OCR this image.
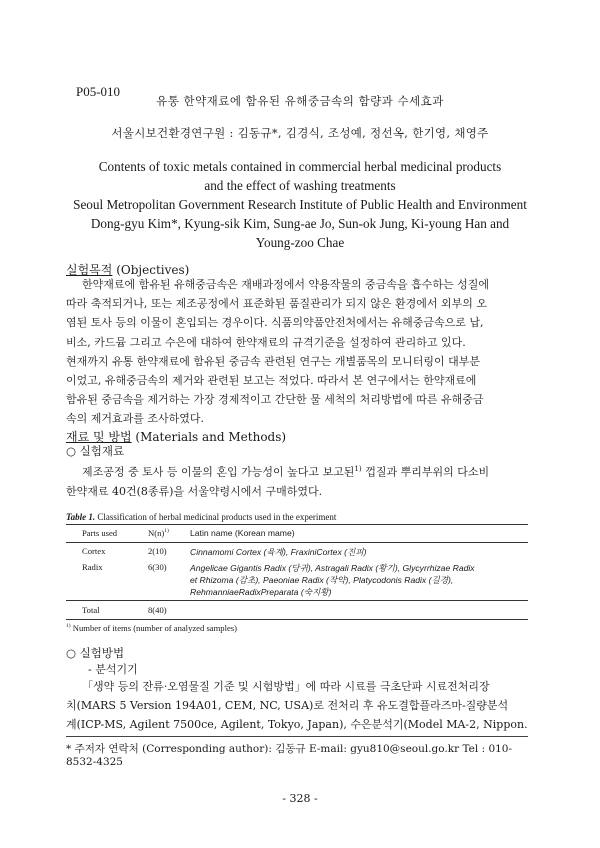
P05-010
유통 한약재료에 함유된 유해중금속의 함량과 수세효과
서울시보건환경연구원 : 김동규*, 김경식, 조성예, 정선옥, 한기영, 채영주
Contents of toxic metals contained in commercial herbal medicinal products
and the effect of washing treatments
Seoul Metropolitan Government Research Institute of Public Health and Environment
Dong-gyu Kim*, Kyung-sik Kim, Sung-ae Jo, Sun-ok Jung, Ki-young Han and
Young-zoo Chae
실험목적 (Objectives)

한약재료에 함유된 유해중금속은 재배과정에서 약용작물의 중금속을 흡수하는 성질에

따라 축적되거나, 또는 제조공정에서 표준화된 품질관리가 되지 않은 환경에서 외부의 오
염된 토사 등의 이물이 혼입되는 경우이다. 식품의약품안전처에서는 유해중금속으로 납,
비소, 카드뮴 그리고 수은에 대하여 한약재료의 규격기준을 설정하여 관리하고 있다.
현재까지 유통 한약재료에 함유된 중금속 관련된 연구는 개별품목의 모니터링이 대부분
이었고, 유해중금속의 제거와 관련된 보고는 적었다. 따라서 본 연구에서는 한약재료에
함유된 중금속을 제거하는 가장 경제적이고 간단한 물 세척의 처리방법에 따른 유해중금
속의 제거효과를 조사하였다.
재료 및 방법 (Materials and Methods)
○ 실험재료

제조공정 중 토사 등 이물의 혼입 가능성이 높다고 보고된$^{1)}$ 껍질과 뿌리부위의 다소비

한약재료 40건(8종류)을 서울약령시에서 구매하였다.
Table 1. Classification of herbal medicinal products used in the experiment
Parts used	$N(n)^{1)}$ Latin name (Korean mame)
Cortex	2(10)	Cinnamomi Cortex (육계), FraxiniCortex (진피)
Radix	6(30)	Angelicae Gigantis Radix (당귀), Astragali Radix (황기), Glycyrrhizae Radix
et Rhizoma (감초), Paeoniae Radix (작약), Platycodonis Radix (길경),
RehmanniaeRadixPreparata (숙지황)
Total	8(40)
$^{1)}$ Number of items (number of analyzed samples)
○ 실험방법
- 분석기기

「생약 등의 잔류·오염물질 기준 및 시험방법」에 따라 시료를 극초단파 시료전처리장

치(MARS 5 Version 194A01, CEM, NC, USA)로 전처리 후 유도결합플라즈마-질량분석
계(ICP-MS, Agilent 7500ce, Agilent, Tokyo, Japan), 수은분석기(Model MA-2, Nippon.
* 주저자 연락처 (Corresponding author): 김동규 E-mail: gyu810@seoul.go.kr Tel : 010-8532-4325
- 328 -
